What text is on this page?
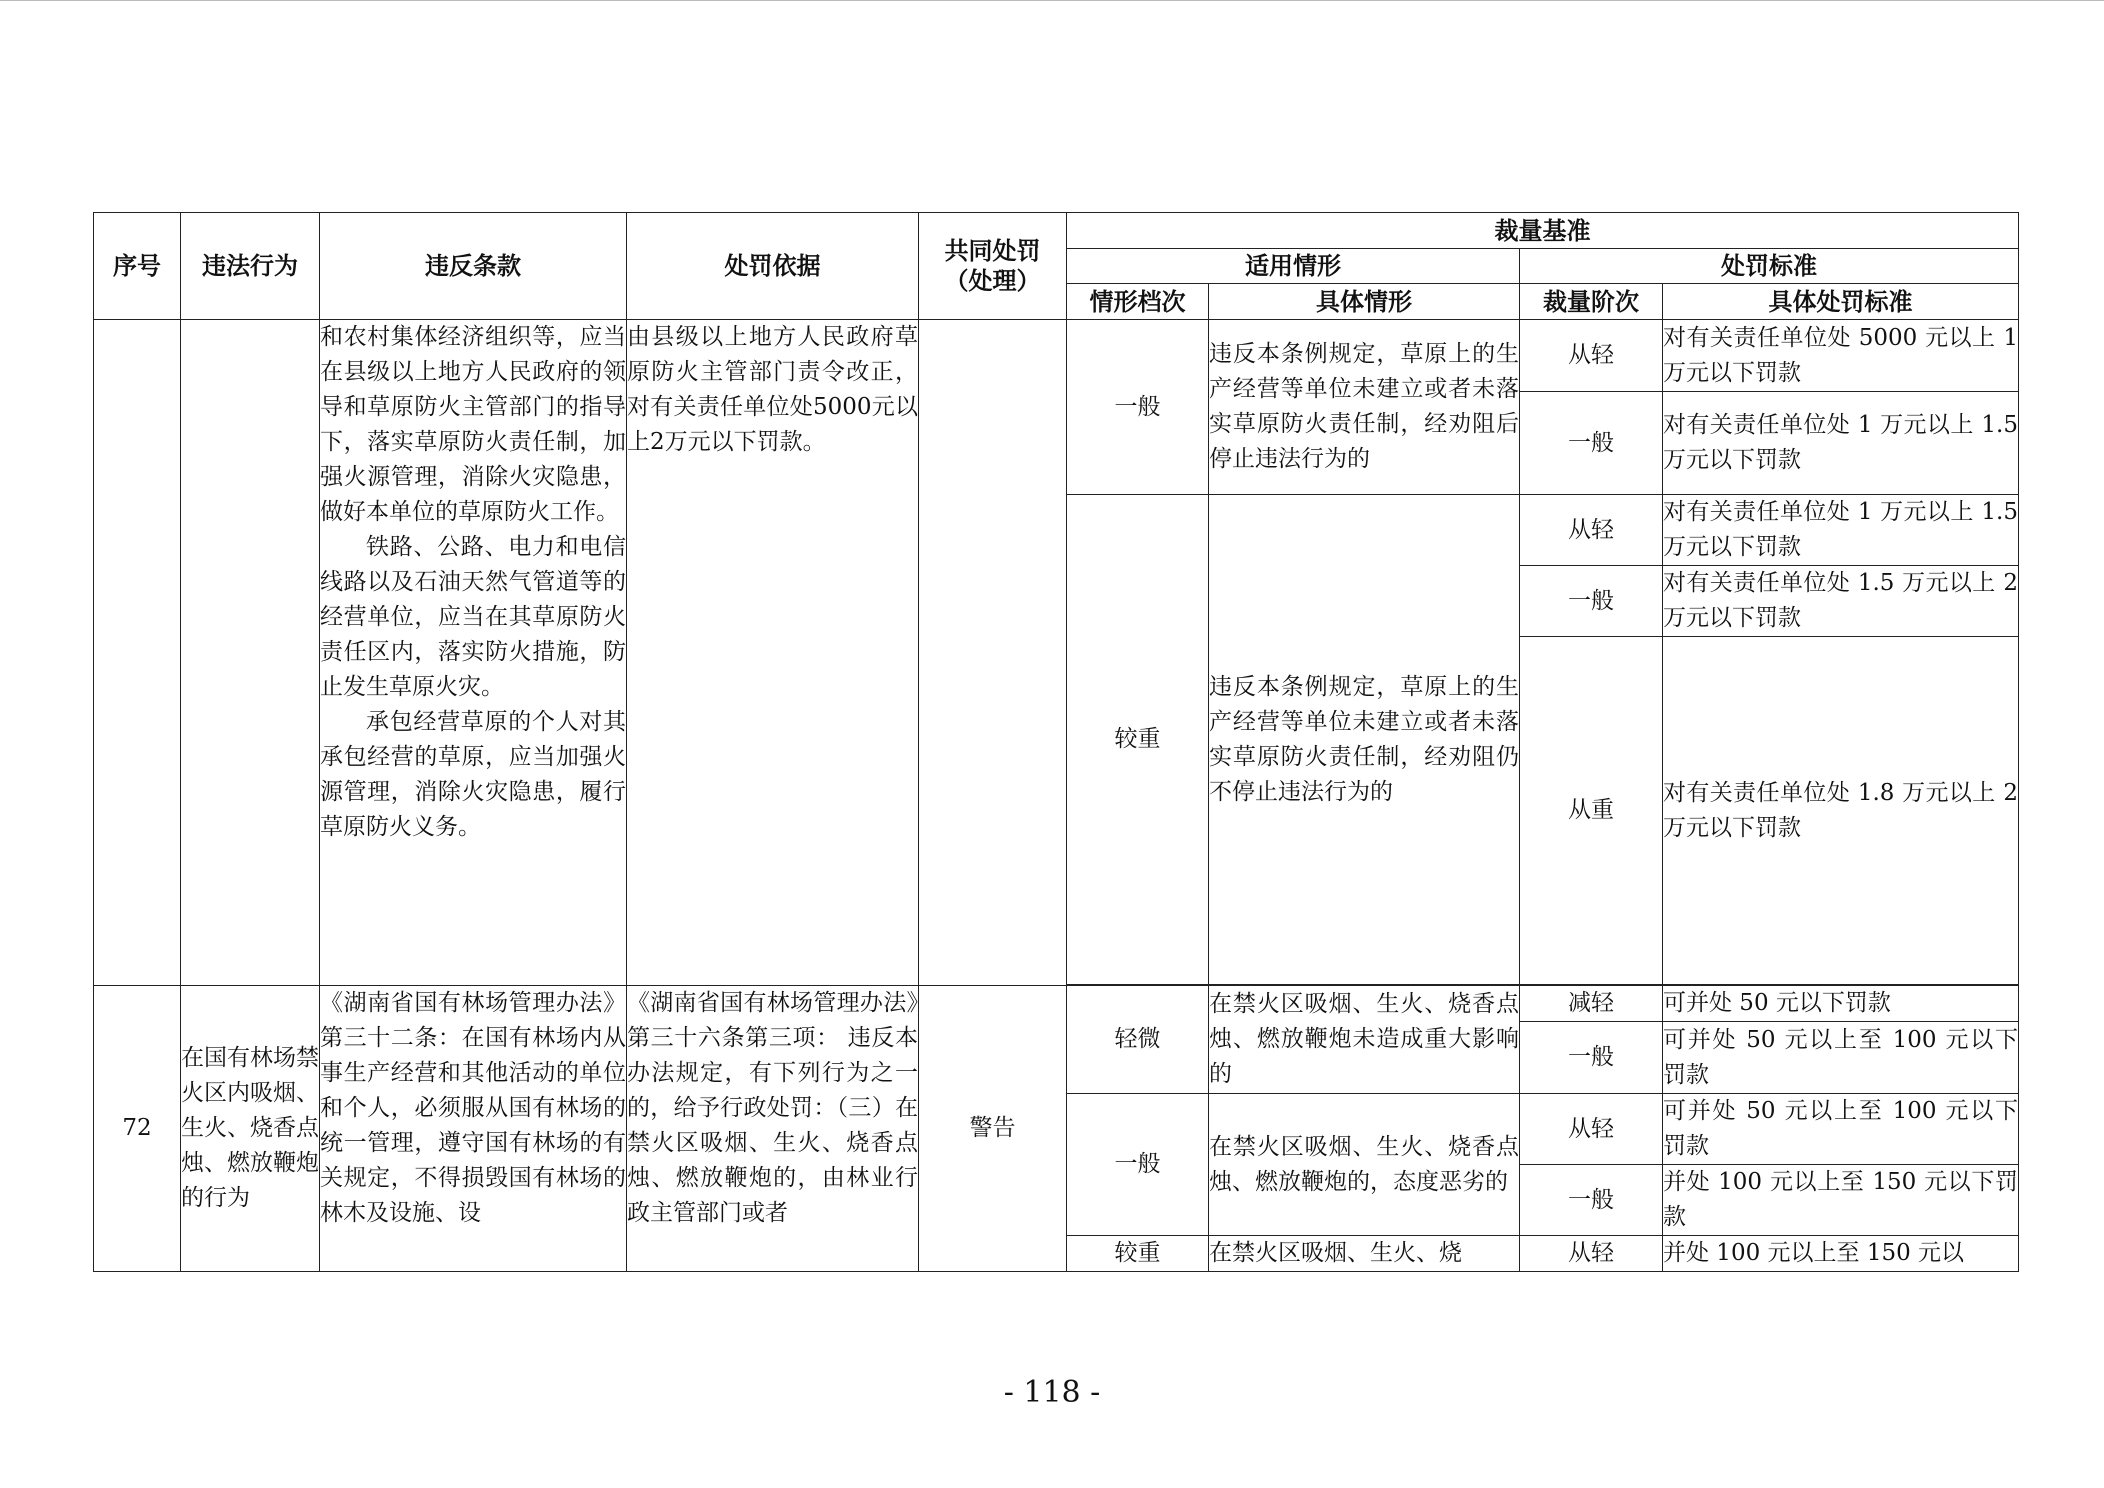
序号	违法行为	违反条款	处罚依据	共同处罚（处理）	裁量基准			
					适用情形		处罚标准	
					情形档次	具体情形	裁量阶次	具体处罚标准

		和农村集体经济组织等，应当在县级以上地方人民政府的领导和草原防火主管部门的指导下，落实草原防火责任制，加强火源管理，消除火灾隐患，做好本单位的草原防火工作。

铁路、公路、电力和电信线路以及石油天然气管道等的经营单位，应当在其草原防火责任区内，落实防火措施，防止发生草原火灾。

承包经营草原的个人对其承包经营的草原，应当加强火源管理，消除火灾隐患，履行草原防火义务。	由县级以上地方人民政府草原防火主管部门责令改正，对有关责任单位处5000元以上2万元以下罚款。		一般	违反本条例规定，草原上的生产经营等单位未建立或者未落实草原防火责任制，经劝阻后停止违法行为的	从轻	对有关责任单位处 5000 元以上 1 万元以下罚款
							一般	对有关责任单位处 1 万元以上 1.5 万元以下罚款
					较重	违反本条例规定，草原上的生产经营等单位未建立或者未落实草原防火责任制，经劝阻仍不停止违法行为的	从轻	对有关责任单位处 1 万元以上 1.5 万元以下罚款
							一般	对有关责任单位处 1.5 万元以上 2 万元以下罚款
							从重	对有关责任单位处 1.8 万元以上 2 万元以下罚款

72	在国有林场禁火区内吸烟、生火、烧香点烛、燃放鞭炮的行为	《湖南省国有林场管理办法》第三十二条：在国有林场内从事生产经营和其他活动的单位和个人，必须服从国有林场的统一管理，遵守国有林场的有关规定，不得损毁国有林场的林木及设施、设	《湖南省国有林场管理办法》第三十六条第三项： 违反本办法规定，有下列行为之一的，给予行政处罚：（三）在禁火区吸烟、生火、烧香点烛、燃放鞭炮的，由林业行政主管部门或者	警告	轻微	在禁火区吸烟、生火、烧香点烛、燃放鞭炮未造成重大影响的	减轻	可并处 50 元以下罚款
							一般	可并处 50 元以上至 100 元以下罚款
					一般	在禁火区吸烟、生火、烧香点烛、燃放鞭炮的，态度恶劣的	从轻	可并处 50 元以上至 100 元以下罚款
							一般	并处 100 元以上至 150 元以下罚款
					较重	在禁火区吸烟、生火、烧	从轻	并处 100 元以上至 150 元以
- 118 -
